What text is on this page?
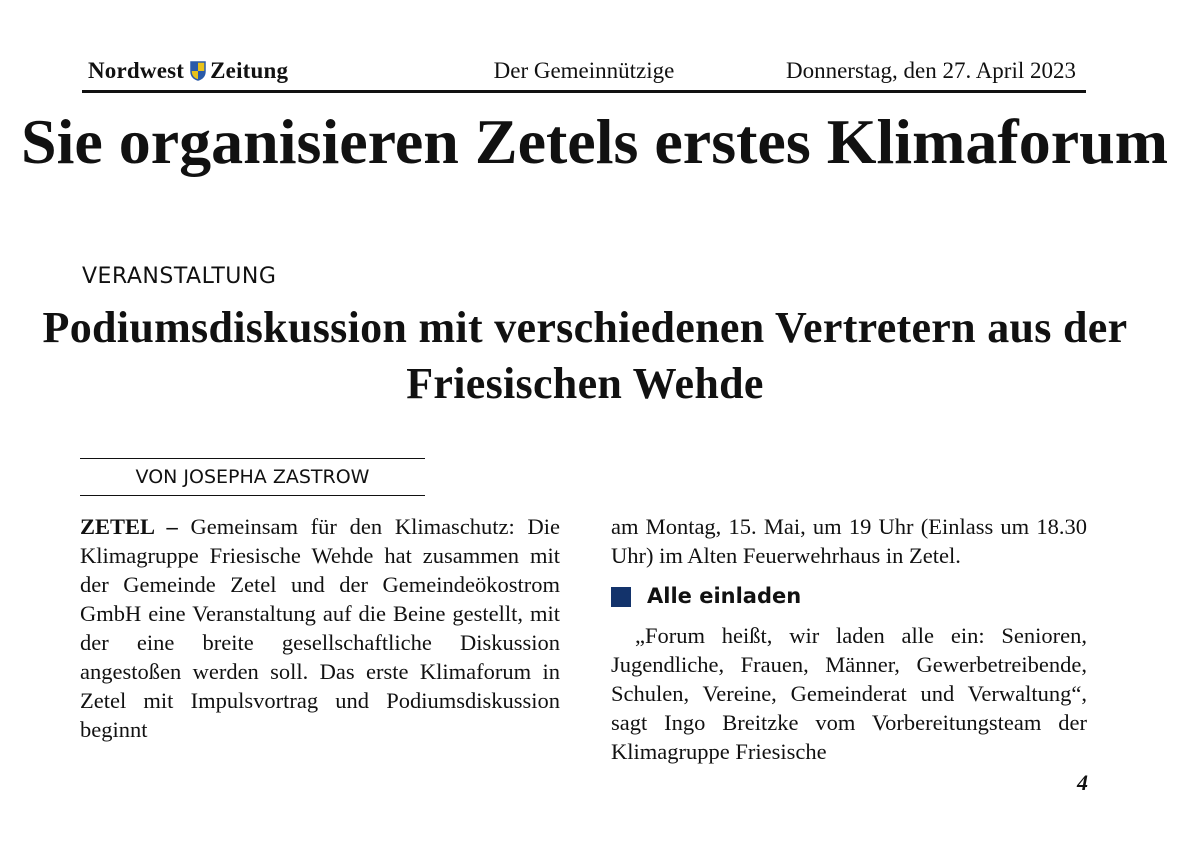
Nordwest Zeitung	Der Gemeinnützige	Donnerstag, den 27. April 2023
Sie organisieren Zetels erstes Klimaforum
VERANSTALTUNG
Podiumsdiskussion mit verschiedenen Vertretern aus der Friesischen Wehde
VON JOSEPHA ZASTROW

ZETEL – Gemeinsam für den Klimaschutz: Die Klimagruppe Friesische Wehde hat zusammen mit der Gemeinde Zetel und der Gemeindeökostrom GmbH eine Veranstaltung auf die Beine gestellt, mit der eine breite gesellschaftliche Diskussion angestoßen werden soll. Das erste Klimaforum in Zetel mit Impulsvortrag und Podiumsdiskussion beginnt

am Montag, 15. Mai, um 19 Uhr (Einlass um 18.30 Uhr) im Alten Feuerwehrhaus in Zetel.

Alle einladen

„Forum heißt, wir laden alle ein: Senioren, Jugendliche, Frauen, Männer, Gewerbetreibende, Schulen, Vereine, Gemeinderat und Verwaltung“, sagt Ingo Breitzke vom Vorbereitungsteam der Klimagruppe Friesische

4
